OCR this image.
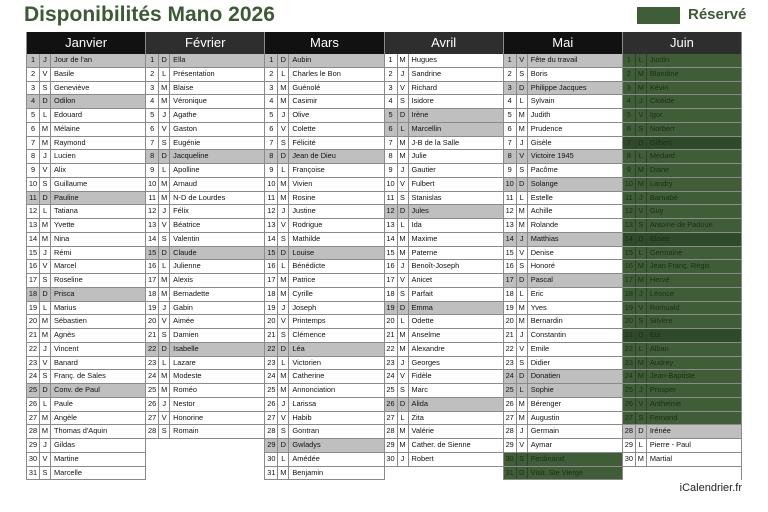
Disponibilités Mano 2026	Réservé
Janvier
1	J Jour de l'an
2	V Basile
3	S Geneviève
4 D Odilon
5	L Edouard
6 M Mélaine
7 M Raymond
8	J Lucien
9	V Alix
10 S Guillaume
11 D Pauline
12 L Tatiana
13 M Yvette
14 M Nina
15 J Rémi
16 V Marcel
17 S Roseline
18 D Prisca
19 L Marius
20 M Sébastien
21 M Agnès
22 J Vincent
23 V Banard
24 S Franç. de Sales
25 D Conv. de Paul
26 L Paule
27 M Angèle
28 M Thomas d'Aquin
29 J Gildas
30 V Martine
31 S Marcelle
Février
1 D Ella
2	L Présentation
3 M Blaise
4 M Véronique
5	J Agathe
6	V Gaston
7	S Eugénie
8 D Jacqueline
9	L Apolline
10 M Arnaud
11 M N-D de Lourdes
12 J Félix
13 V Béatrice
14 S Valentin
15 D Claude
16 L Julienne
17 M Alexis
18 M Bernadette
19 J Gabin
20 V Aimée
21 S Damien
22 D Isabelle
23 L Lazare
24 M Modeste
25 M Roméo
26 J Nestor
27 V Honorine
28 S Romain
Mars
1 D Aubin
2	L Charles le Bon
3 M Guénolé
4 M Casimir
5	J Olive
6	V Colette
7	S Félicité
8 D Jean de Dieu
9	L Françoise
10 M Vivien
11 M Rosine
12 J Justine
13 V Rodrigue
14 S Mathilde
15 D Louise
16 L Bénédicte
17 M Patrice
18 M Cyrille
19 J Joseph
20 V Printemps
21 S Clémence
22 D Léa
23 L Victorien
24 M Catherine
25 M Annonciation
26 J Larissa
27 V Habib
28 S Gontran
29 D Gwladys
30 L Amédée
31 M Benjamin
Avril
1 M Hugues
2	J Sandrine
3	V Richard
4	S Isidore
5 D Irène
6	L Marcellin
7 M J-B de la Salle
8 M Julie
9	J Gautier
10 V Fulbert
11 S Stanislas
12 D Jules
13 L Ida
14 M Maxime
15 M Paterne
16 J Benoît-Joseph
17 V Anicet
18 S Parfait
19 D Emma
20 L Odette
21 M Anselme
22 M Alexandre
23 J Georges
24 V Fidèle
25 S Marc
26 D Alida
27 L Zita
28 M Valérie
29 M Cather. de Sienne
30 J Robert
Mai
1	V Fête du travail
2	S Boris
3 D Philippe Jacques
4	L Sylvain
5 M Judith
6 M Prudence
7	J Gisèle
8	V Victoire 1945
9	S Pacôme
10 D Solange
11 L Estelle
12 M Achille
13 M Rolande
14 J Matthias
15 V Denise
16 S Honoré
17 D Pascal
18 L Eric
19 M Yves
20 M Bernardin
21 J Constantin
22 V Emile
23 S Didier
24 D Donatien
25 L Sophie
26 M Bérenger
27 M Augustin
28 J Germain
29 V Aymar
30 S Ferdinand
31 D Visit. Ste Vierge
Juin
1	L Justin
2 M Blandine
3 M Kévin
4	J Clotilde
5	V Igor
6	S Norbert
7 D Gilbert
8	L Médard
9 M Diane
10 M Landry
11 J Barnabé
12 V Guy
13 S Antoine de Padoue
14 D Elisée
15 L Germaine
16 M Jean Franç. Régis
17 M Hervé
18 J Léonce
19 V Romuald
20 S Silvère
21 D Eté
22 L Alban
23 M Audrey
24 M Jean-Baptiste
25 J Prosper
26 V Anthelme
27 S Fernand
28 D Irénée
29 L Pierre - Paul
30 M Martial
iCalendrier.fr
